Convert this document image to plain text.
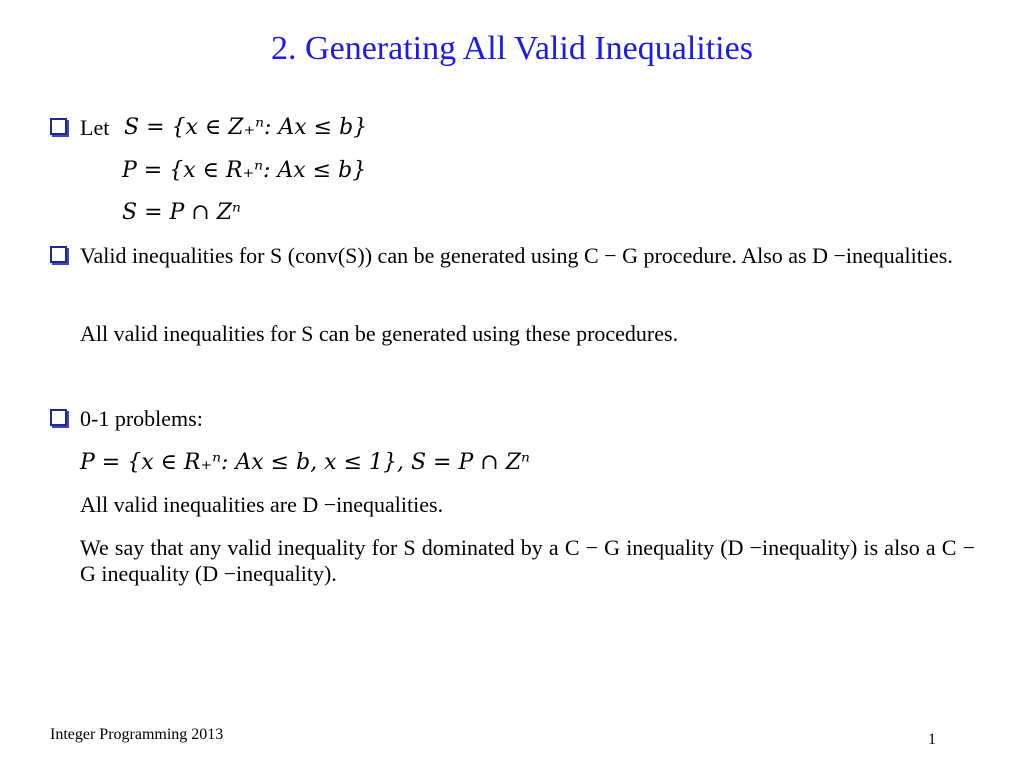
2. Generating All Valid Inequalities
Let S = {x ∈ Z₊ⁿ: Ax ≤ b}
P = {x ∈ R₊ⁿ: Ax ≤ b}
S = P ∩ Zⁿ
Valid inequalities for S (conv(S)) can be generated using C − G procedure. Also as D −inequalities.
All valid inequalities for S can be generated using these procedures.
0-1 problems:
P = {x ∈ R₊ⁿ: Ax ≤ b, x ≤ 1}, S = P ∩ Zⁿ
All valid inequalities are D −inequalities.
We say that any valid inequality for S dominated by a C − G inequality (D −inequality) is also a C − G inequality (D −inequality).
Integer Programming 2013	1
